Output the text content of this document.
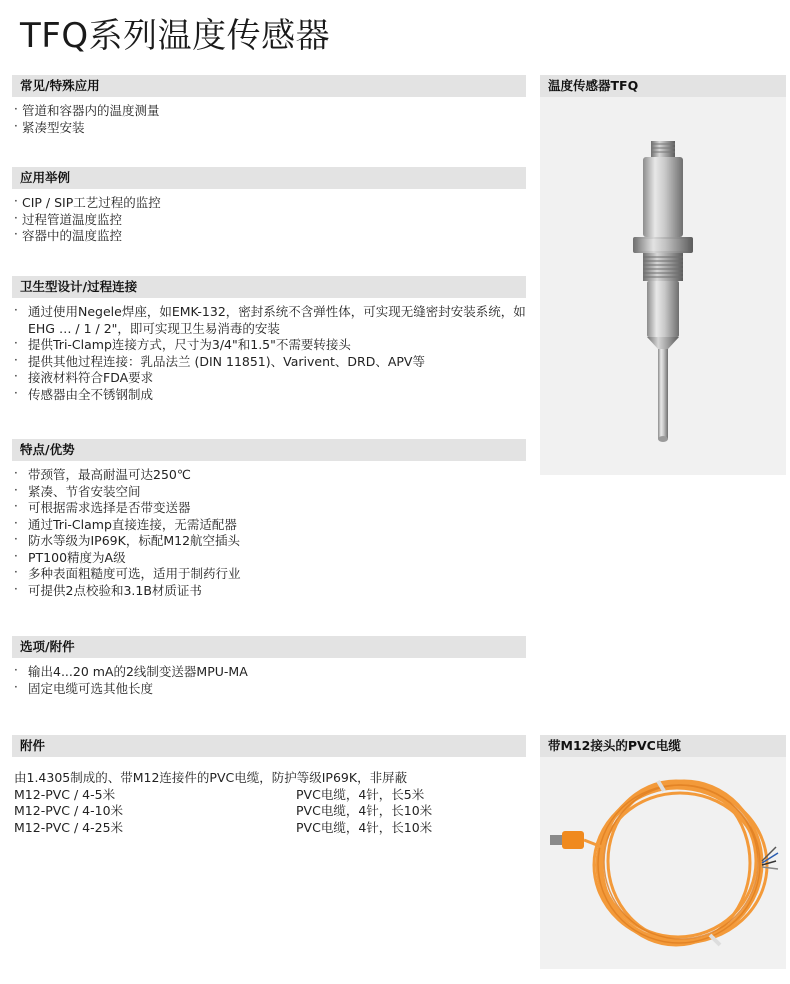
TFQ系列温度传感器
常见/特殊应用
· 管道和容器内的温度测量
· 紧凑型安装
应用举例
· CIP / SIP工艺过程的监控
· 过程管道温度监控
· 容器中的温度监控
卫生型设计/过程连接
· 通过使用Negele焊座，如EMK-132，密封系统不含弹性体，可实现无缝密封安装系统，如EHG … / 1 / 2"，即可实现卫生易消毒的安装
· 提供Tri-Clamp连接方式，尺寸为3/4"和1.5"不需要转接头
· 提供其他过程连接：乳品法兰 (DIN 11851)、Varivent、DRD、APV等
· 接液材料符合FDA要求
· 传感器由全不锈钢制成
特点/优势
· 带颈管，最高耐温可达250℃
· 紧凑、节省安装空间
· 可根据需求选择是否带变送器
· 通过Tri-Clamp直接连接，无需适配器
· 防水等级为IP69K，标配M12航空插头
· PT100精度为A级
· 多种表面粗糙度可选，适用于制药行业
· 可提供2点校验和3.1B材质证书
选项/附件
· 输出4...20 mA的2线制变送器MPU-MA
· 固定电缆可选其他长度
附件
由1.4305制成的、带M12连接件的PVC电缆，防护等级IP69K，非屏蔽
M12-PVC / 4-5米	PVC电缆，4针，长5米
M12-PVC / 4-10米	PVC电缆，4针，长10米
M12-PVC / 4-25米	PVC电缆，4针，长10米
温度传感器TFQ
带M12接头的PVC电缆
